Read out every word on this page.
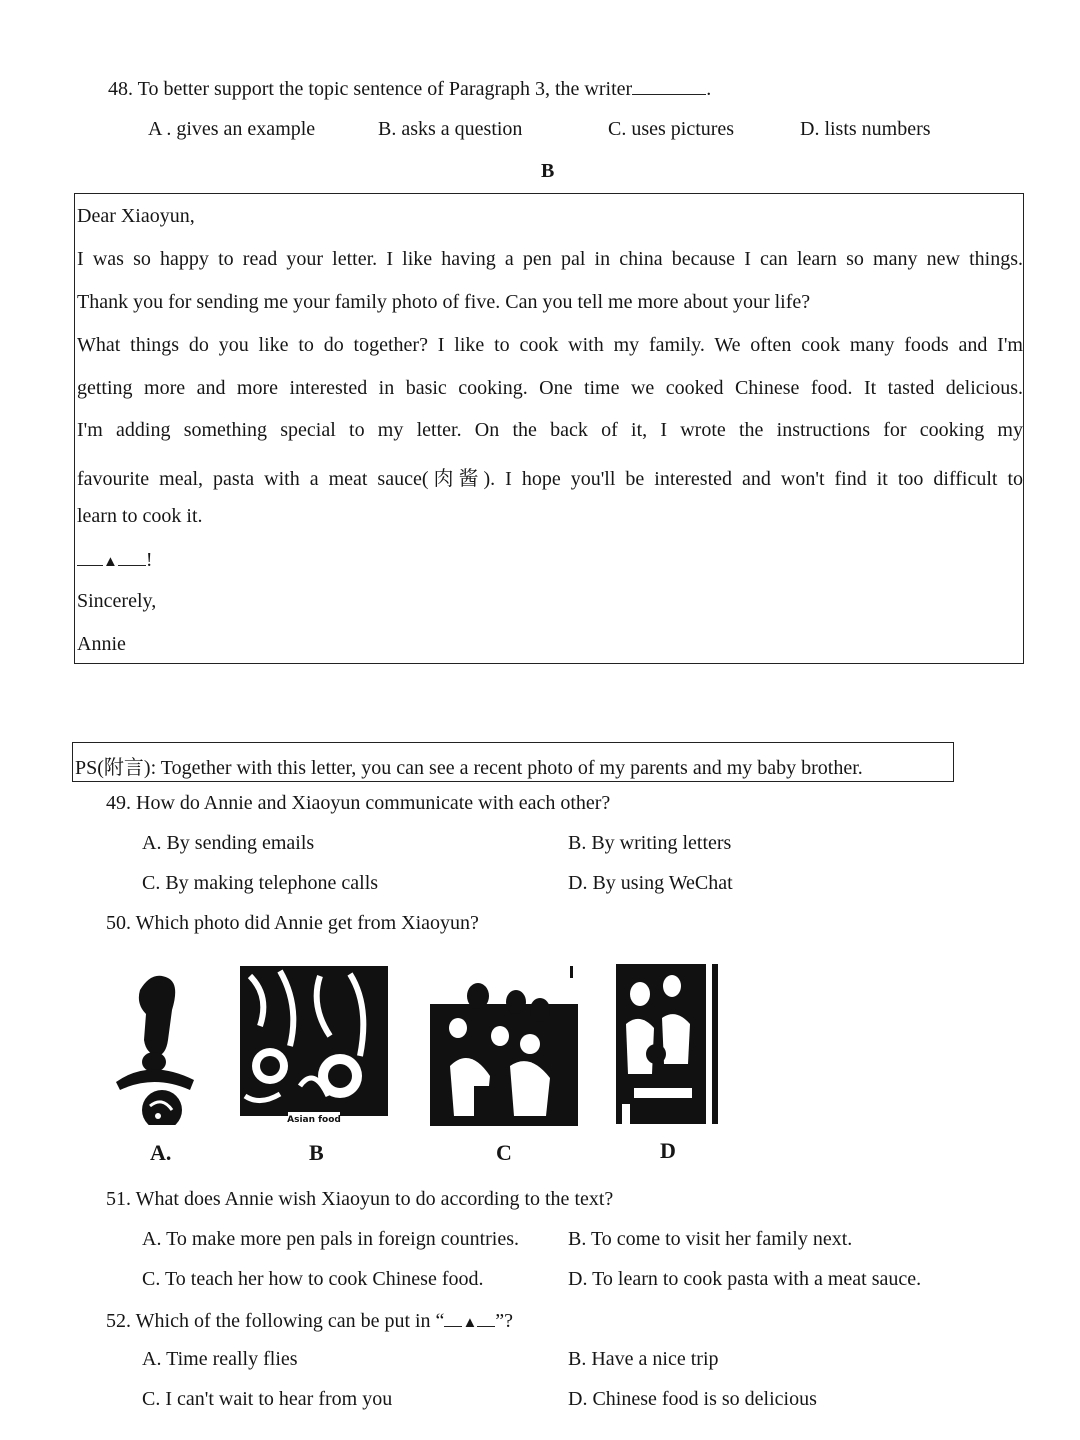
48. To better support the topic sentence of Paragraph 3, the writer	.
A . gives an example	B. asks a question	C. uses pictures	D. lists numbers
B
Dear Xiaoyun,
I was so happy to read your letter. I like having a pen pal in china because I can learn so many new things.
Thank you for sending me your family photo of five. Can you tell me more about your life?
What things do you like to do together? I like to cook with my family. We often cook many foods and I'm
getting more and more interested in basic cooking. One time we cooked Chinese food. It tasted delicious.
I'm adding something special to my letter. On the back of it, I wrote the instructions for cooking my
favourite meal, pasta with a meat sauce(肉酱). I hope you'll be interested and won't find it too difficult to
learn to cook it.
▲ !
Sincerely,
Annie
PS(附言): Together with this letter, you can see a recent photo of my parents and my baby brother.
49. How do Annie and Xiaoyun communicate with each other?
A. By sending emails	B. By writing letters
C. By making telephone calls	D. By using WeChat
50. Which photo did Annie get from Xiaoyun?
Asian food
A.	B	C	D
51. What does Annie wish Xiaoyun to do according to the text?
A. To make more pen pals in foreign countries. B. To come to visit her family next.
C. To teach her how to cook Chinese food.	D. To learn to cook pasta with a meat sauce.
52. Which of the following can be put in “ ▲ ”?
A. Time really flies	B. Have a nice trip
C. I can't wait to hear from you	D. Chinese food is so delicious
